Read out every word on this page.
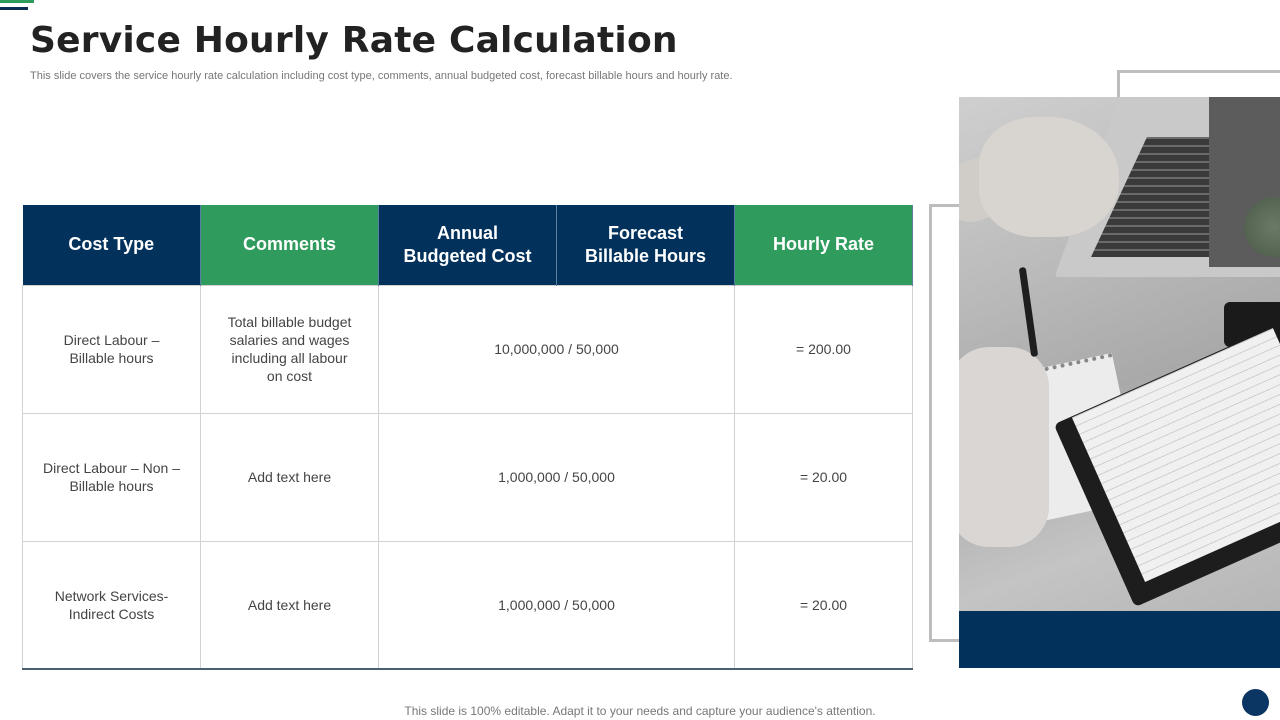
Service Hourly Rate Calculation

This slide covers the service hourly rate calculation including cost type, comments, annual budgeted cost, forecast billable hours and hourly rate.

Cost Type	Comments	Annual Budgeted Cost	Forecast Billable Hours	Hourly Rate
Direct Labour – Billable hours	Total billable budget salaries and wages including all labour on cost	10,000,000 / 50,000		= 200.00
Direct Labour – Non – Billable hours	Add text here	1,000,000 / 50,000		= 20.00
Network Services- Indirect Costs	Add text here	1,000,000 / 50,000		= 20.00

This slide is 100% editable. Adapt it to your needs and capture your audience's attention.
